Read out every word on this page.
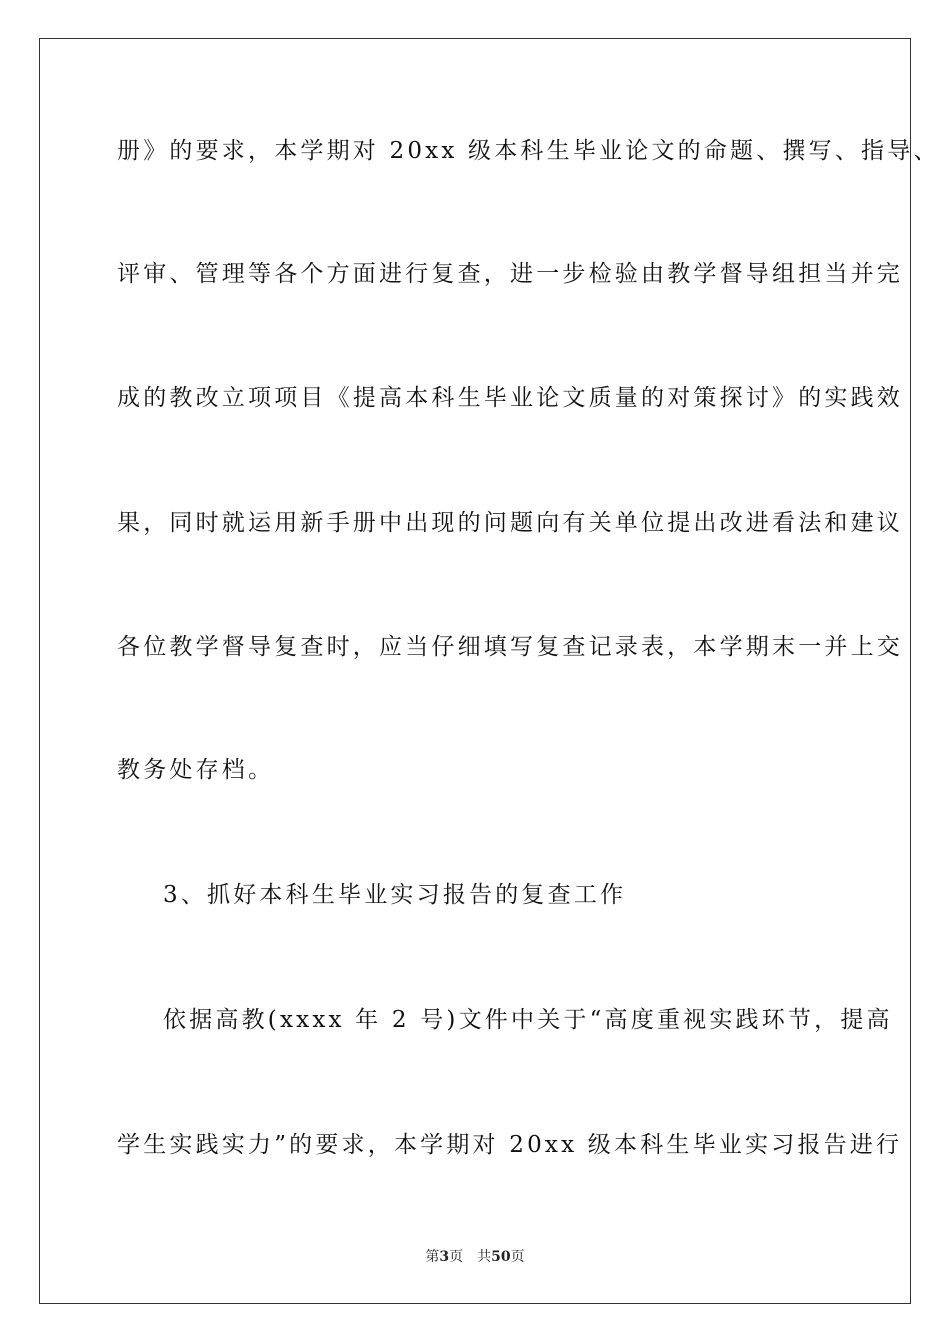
册》的要求，本学期对 20xx 级本科生毕业论文的命题、撰写、指导、
评审、管理等各个方面进行复查，进一步检验由教学督导组担当并完
成的教改立项项目《提高本科生毕业论文质量的对策探讨》的实践效
果，同时就运用新手册中出现的问题向有关单位提出改进看法和建议
各位教学督导复查时，应当仔细填写复查记录表，本学期末一并上交
教务处存档。
3、抓好本科生毕业实习报告的复查工作
依据高教(xxxx 年 2 号)文件中关于“高度重视实践环节，提高
学生实践实力”的要求，本学期对 20xx 级本科生毕业实习报告进行
第3页 共50页
